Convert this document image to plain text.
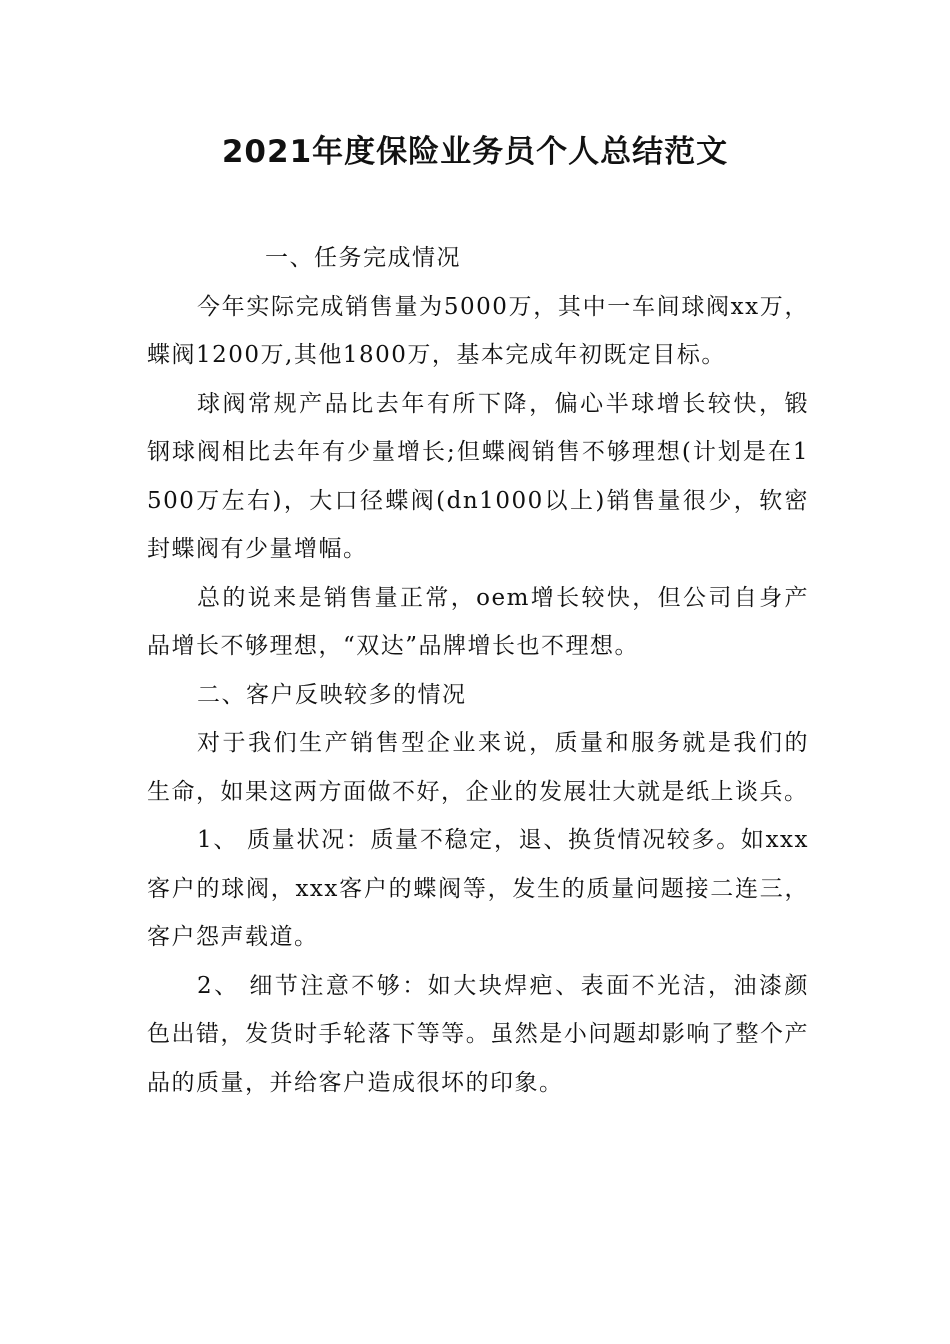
2021年度保险业务员个人总结范文

一、任务完成情况

今年实际完成销售量为5000万，其中一车间球阀xx万，蝶阀1200万,其他1800万，基本完成年初既定目标。

球阀常规产品比去年有所下降，偏心半球增长较快，锻钢球阀相比去年有少量增长;但蝶阀销售不够理想(计划是在1500万左右)，大口径蝶阀(dn1000以上)销售量很少，软密封蝶阀有少量增幅。

总的说来是销售量正常，oem增长较快，但公司自身产品增长不够理想，“双达”品牌增长也不理想。

二、客户反映较多的情况

对于我们生产销售型企业来说，质量和服务就是我们的生命，如果这两方面做不好，企业的发展壮大就是纸上谈兵。

1、 质量状况：质量不稳定，退、换货情况较多。如xxx客户的球阀，xxx客户的蝶阀等，发生的质量问题接二连三，客户怨声载道。

2、 细节注意不够：如大块焊疤、表面不光洁，油漆颜色出错，发货时手轮落下等等。虽然是小问题却影响了整个产品的质量，并给客户造成很坏的印象。
